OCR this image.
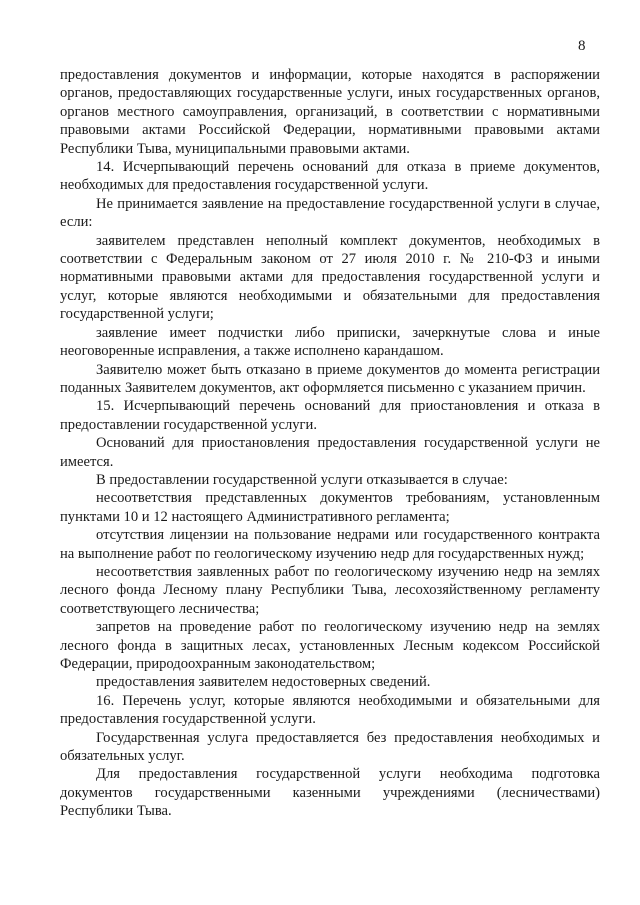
8

предоставления документов и информации, которые находятся в распоряжении органов, предоставляющих государственные услуги, иных государственных органов, органов местного самоуправления, организаций, в соответствии с нормативными правовыми актами Российской Федерации, нормативными правовыми актами Республики Тыва, муниципальными правовыми актами.

14. Исчерпывающий перечень оснований для отказа в приеме документов, необходимых для предоставления государственной услуги.

Не принимается заявление на предоставление государственной услуги в случае, если:

заявителем представлен неполный комплект документов, необходимых в соответствии с Федеральным законом от 27 июля 2010 г. № 210-ФЗ и иными нормативными правовыми актами для предоставления государственной услуги и услуг, которые являются необходимыми и обязательными для предоставления государственной услуги;

заявление имеет подчистки либо приписки, зачеркнутые слова и иные неоговоренные исправления, а также исполнено карандашом.

Заявителю может быть отказано в приеме документов до момента регистрации поданных Заявителем документов, акт оформляется письменно с указанием причин.

15. Исчерпывающий перечень оснований для приостановления и отказа в предоставлении государственной услуги.

Оснований для приостановления предоставления государственной услуги не имеется.

В предоставлении государственной услуги отказывается в случае:

несоответствия представленных документов требованиям, установленным пунктами 10 и 12 настоящего Административного регламента;

отсутствия лицензии на пользование недрами или государственного контракта на выполнение работ по геологическому изучению недр для государственных нужд;

несоответствия заявленных работ по геологическому изучению недр на землях лесного фонда Лесному плану Республики Тыва, лесохозяйственному регламенту соответствующего лесничества;

запретов на проведение работ по геологическому изучению недр на землях лесного фонда в защитных лесах, установленных Лесным кодексом Российской Федерации, природоохранным законодательством;

предоставления заявителем недостоверных сведений.

16. Перечень услуг, которые являются необходимыми и обязательными для предоставления государственной услуги.

Государственная услуга предоставляется без предоставления необходимых и обязательных услуг.

Для предоставления государственной услуги необходима подготовка документов государственными казенными учреждениями (лесничествами) Республики Тыва.
